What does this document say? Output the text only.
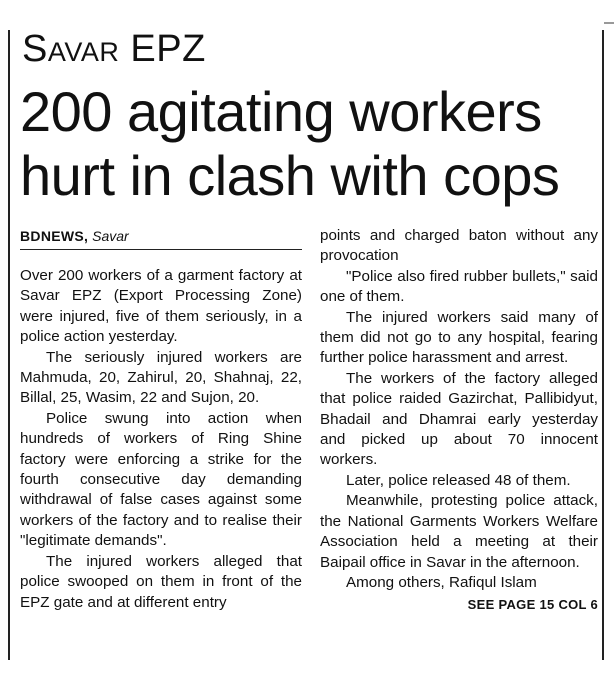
Savar EPZ
200 agitating workers hurt in clash with cops
BDNEWS, Savar

Over 200 workers of a garment factory at Savar EPZ (Export Processing Zone) were injured, five of them seriously, in a police action yesterday.

The seriously injured workers are Mahmuda, 20, Zahirul, 20, Shahnaj, 22, Billal, 25, Wasim, 22 and Sujon, 20.

Police swung into action when hundreds of workers of Ring Shine factory were enforcing a strike for the fourth consecutive day demanding withdrawal of false cases against some workers of the factory and to realise their "legitimate demands".

The injured workers alleged that police swooped on them in front of the EPZ gate and at different entry

points and charged baton without any provocation

"Police also fired rubber bullets," said one of them.

The injured workers said many of them did not go to any hospital, fearing further police harassment and arrest.

The workers of the factory alleged that police raided Gazirchat, Pallibidyut, Bhadail and Dhamrai early yesterday and picked up about 70 innocent workers.

Later, police released 48 of them.

Meanwhile, protesting police attack, the National Garments Workers Welfare Association held a meeting at their Baipail office in Savar in the afternoon.

Among others, Rafiqul Islam

SEE PAGE 15 COL 6
